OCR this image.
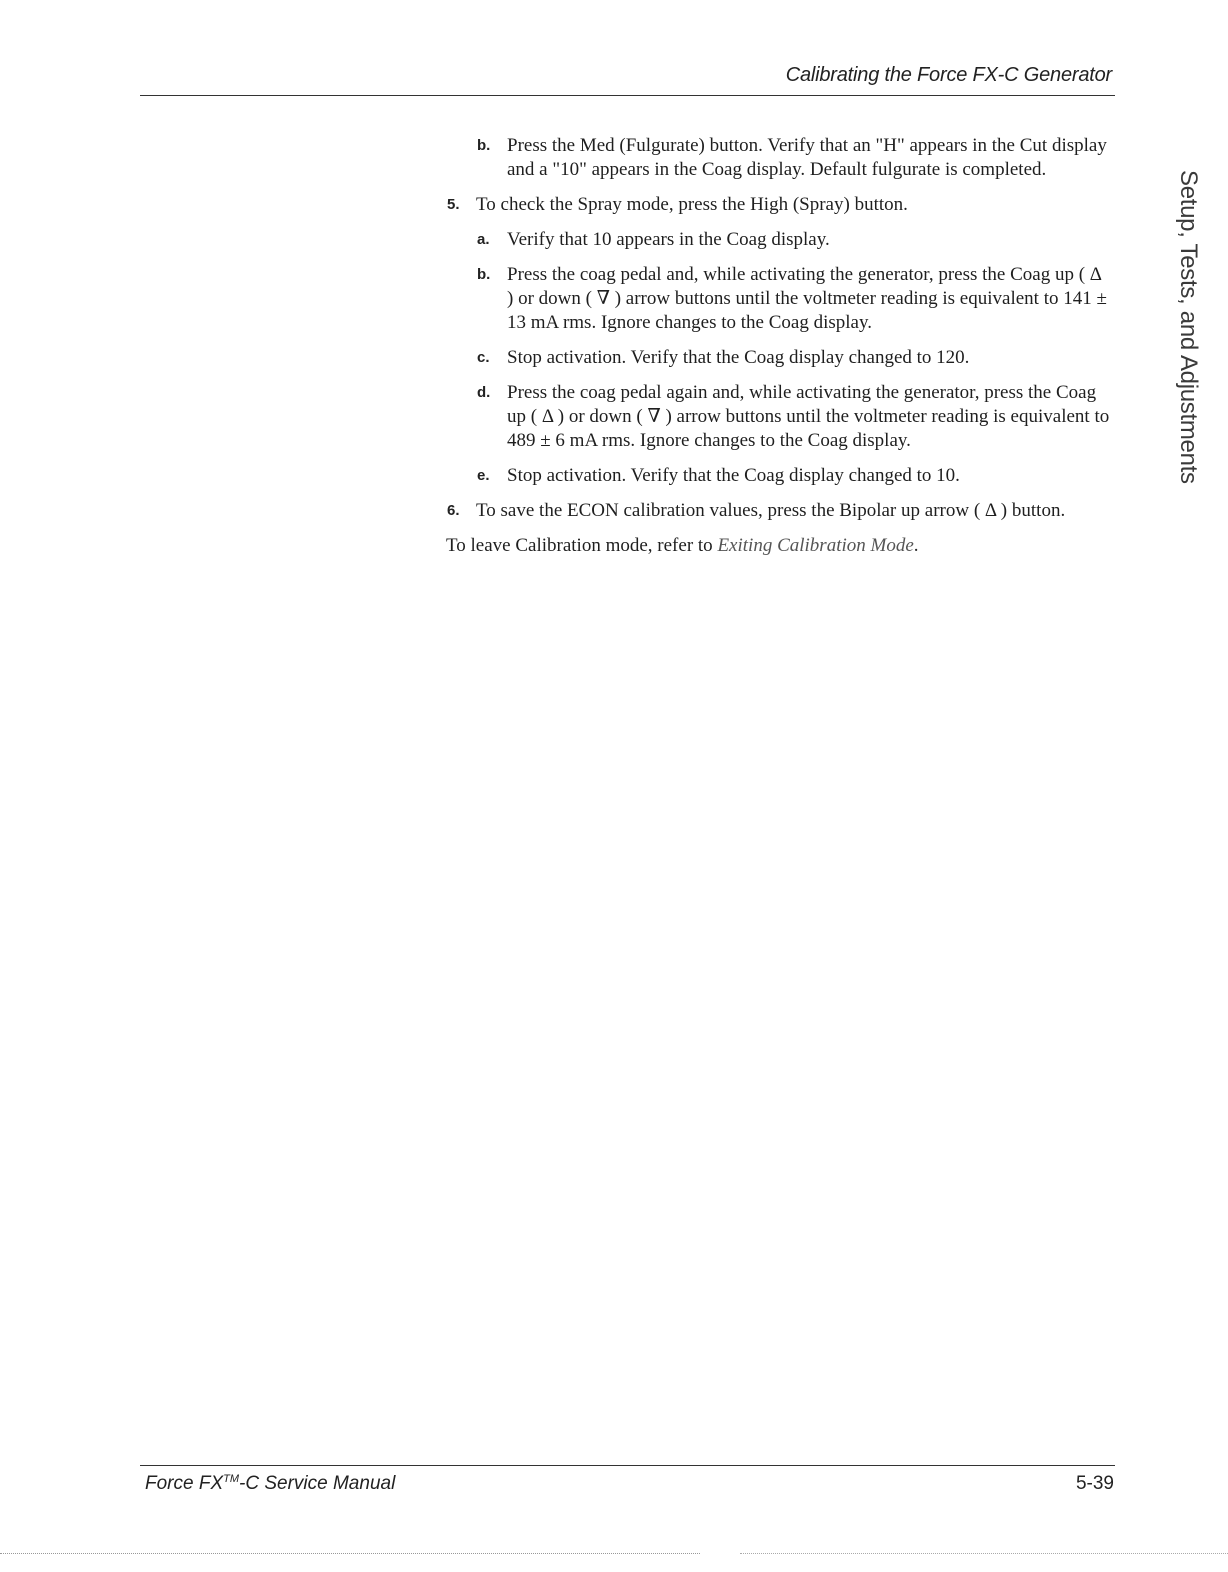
Calibrating the Force FX-C Generator
Setup, Tests, and Adjustments

b. Press the Med (Fulgurate) button. Verify that an "H" appears in the Cut display and a "10" appears in the Coag display. Default fulgurate is completed.

5. To check the Spray mode, press the High (Spray) button.

a. Verify that 10 appears in the Coag display.

b. Press the coag pedal and, while activating the generator, press the Coag up ( Δ ) or down ( ∇ ) arrow buttons until the voltmeter reading is equivalent to 141 ± 13 mA rms. Ignore changes to the Coag display.

c. Stop activation. Verify that the Coag display changed to 120.

d. Press the coag pedal again and, while activating the generator, press the Coag up ( Δ ) or down ( ∇ ) arrow buttons until the voltmeter reading is equivalent to 489 ± 6 mA rms. Ignore changes to the Coag display.

e. Stop activation. Verify that the Coag display changed to 10.

6. To save the ECON calibration values, press the Bipolar up arrow ( Δ ) button.

To leave Calibration mode, refer to Exiting Calibration Mode.

Force FX™-C Service Manual	5-39
